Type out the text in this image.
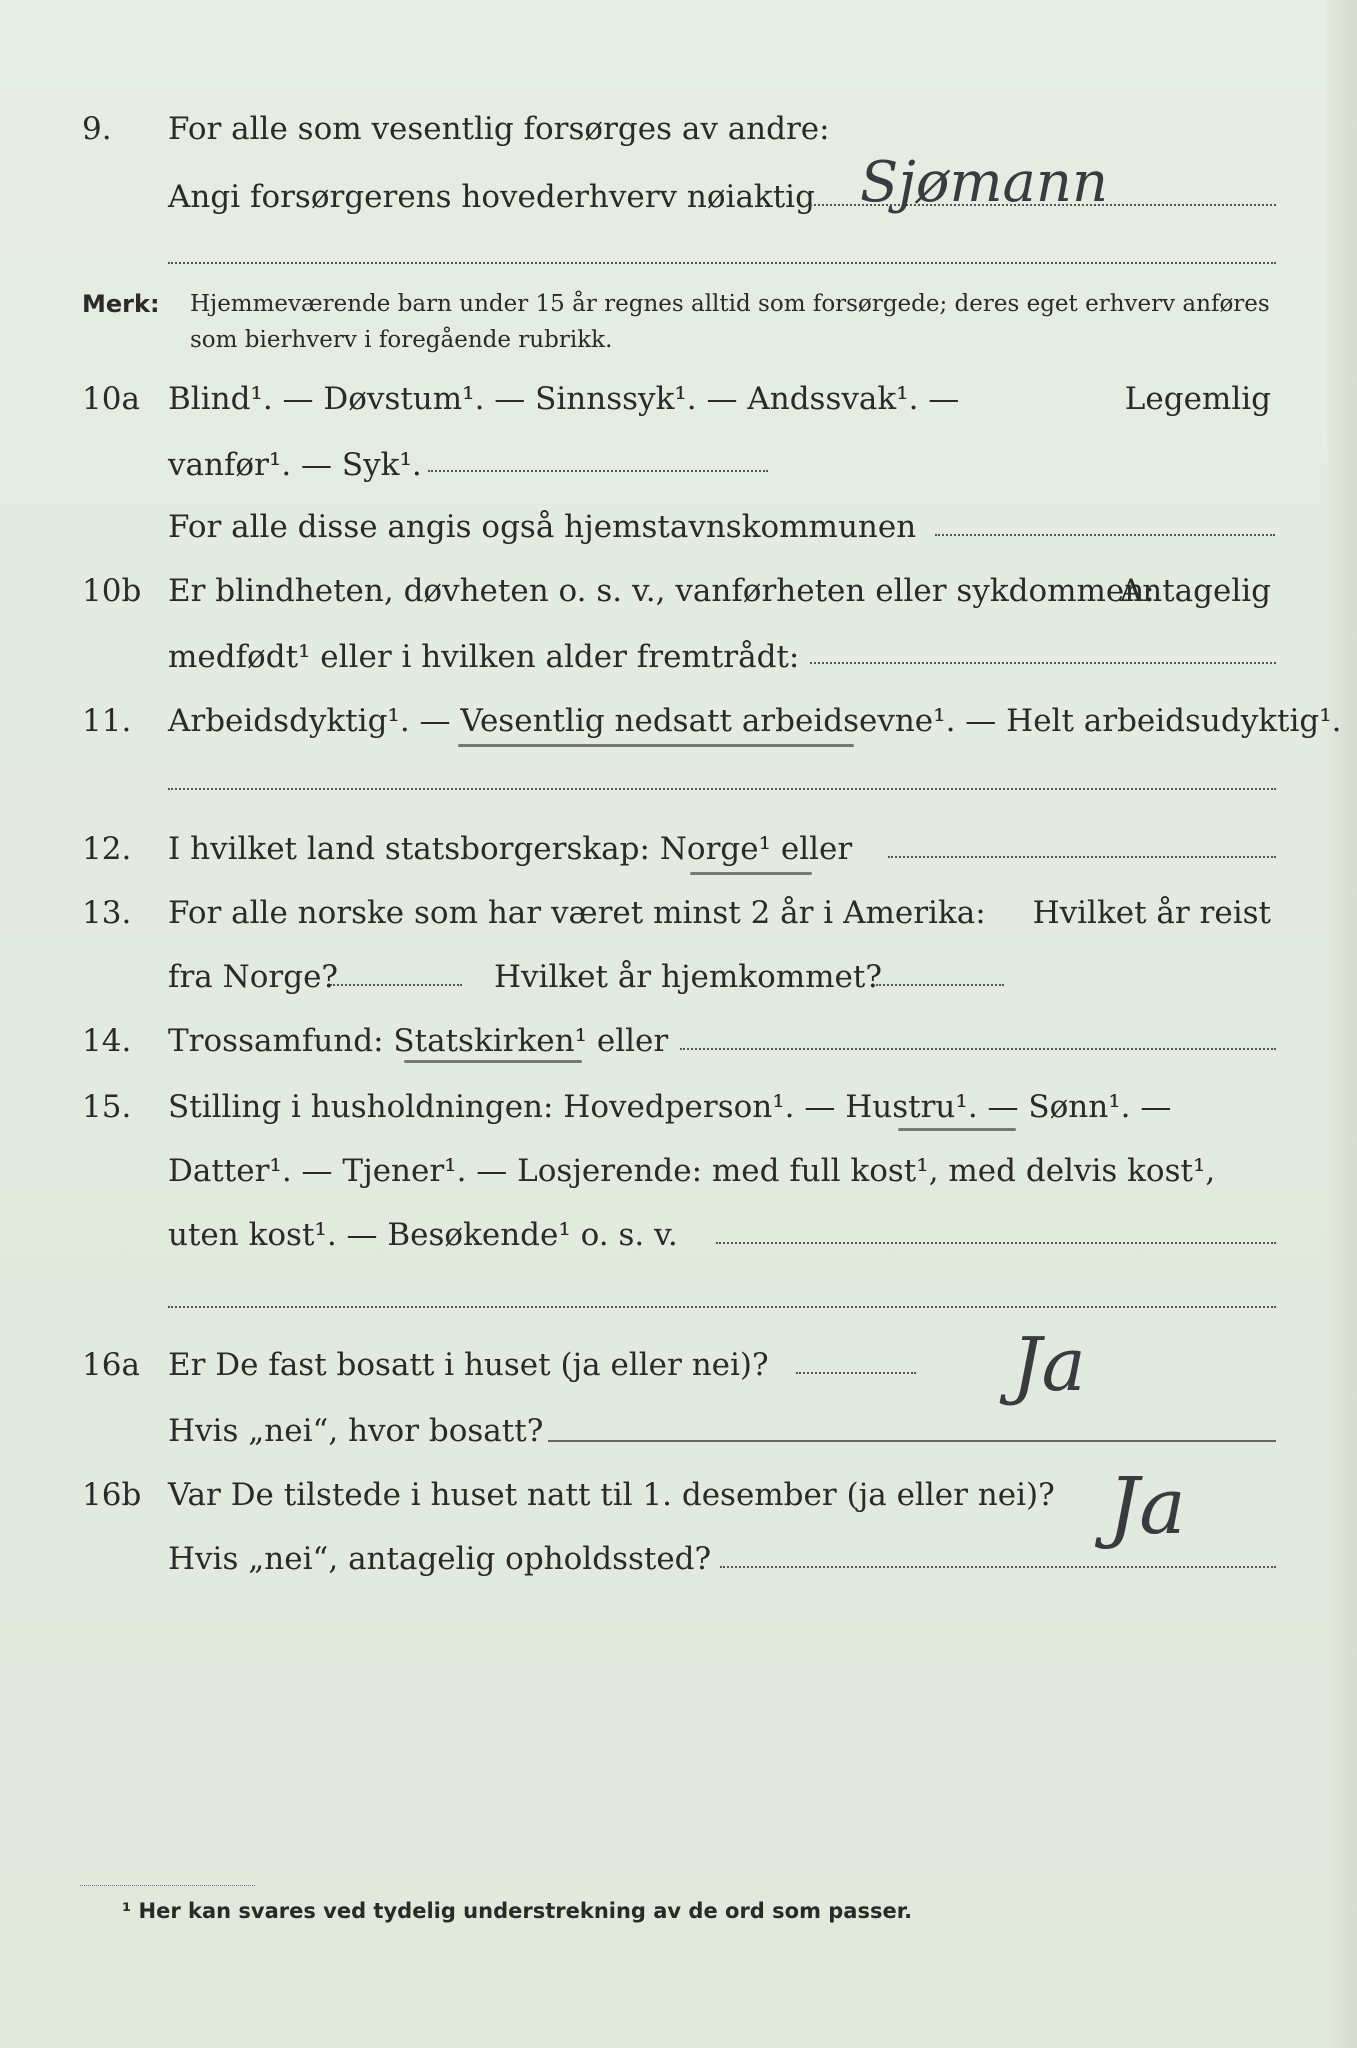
9. For alle som vesentlig forsørges av andre:
Angi forsørgerens hovederhverv nøiaktig Sjømann
Merk: Hjemmeværende barn under 15 år regnes alltid som forsørgede; deres eget erhverv anføres som bierhverv i foregående rubrikk.
10a Blind¹. — Døvstum¹. — Sinnssyk¹. — Andssvak¹. —	Legemlig
vanfør¹. — Syk¹.
For alle disse angis også hjemstavnskommunen
10b Er blindheten, døvheten o. s. v., vanførheten eller sykdommen:
Antagelig
medfødt¹ eller i hvilken alder fremtrådt:
11. Arbeidsdyktig¹. — Vesentlig nedsatt arbeidsevne¹. — Helt arbeidsudyktig¹.
12. I hvilket land statsborgerskap: Norge¹ eller
13. For alle norske som har været minst 2 år i Amerika: Hvilket år reist
fra Norge?	Hvilket år hjemkommet?
14. Trossamfund: Statskirken¹ eller
15. Stilling i husholdningen: Hovedperson¹. — Hustru¹. — Sønn¹. —
Datter¹. — Tjener¹. — Losjerende: med full kost¹, med delvis kost¹,
uten kost¹. — Besøkende¹ o. s. v.
16a Er De fast bosatt i huset (ja eller nei)?	Ja
Hvis „nei“, hvor bosatt?
16b Var De tilstede i huset natt til 1. desember (ja eller nei)? Ja
Hvis „nei“, antagelig opholdssted?
¹ Her kan svares ved tydelig understrekning av de ord som passer.
